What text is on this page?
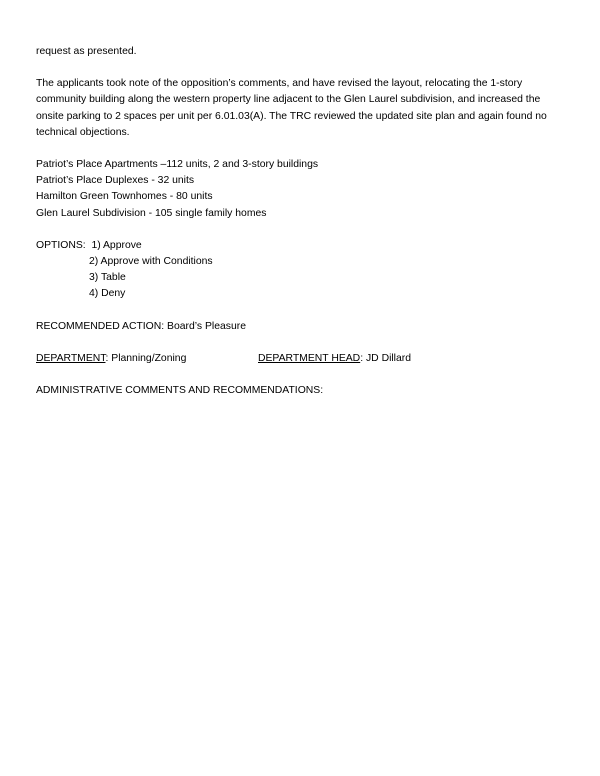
request as presented.

The applicants took note of the opposition’s comments, and have revised the layout, relocating the 1-story community building along the western property line adjacent to the Glen Laurel subdivision, and increased the onsite parking to 2 spaces per unit per 6.01.03(A). The TRC reviewed the updated site plan and again found no technical objections.

Patriot’s Place Apartments –112 units, 2 and 3-story buildings

Patriot’s Place Duplexes - 32 units

Hamilton Green Townhomes - 80 units

Glen Laurel Subdivision - 105 single family homes

OPTIONS: 1) Approve

2) Approve with Conditions

3) Table

4) Deny

RECOMMENDED ACTION: Board’s Pleasure

DEPARTMENT: Planning/Zoning	DEPARTMENT HEAD: JD Dillard

ADMINISTRATIVE COMMENTS AND RECOMMENDATIONS:
